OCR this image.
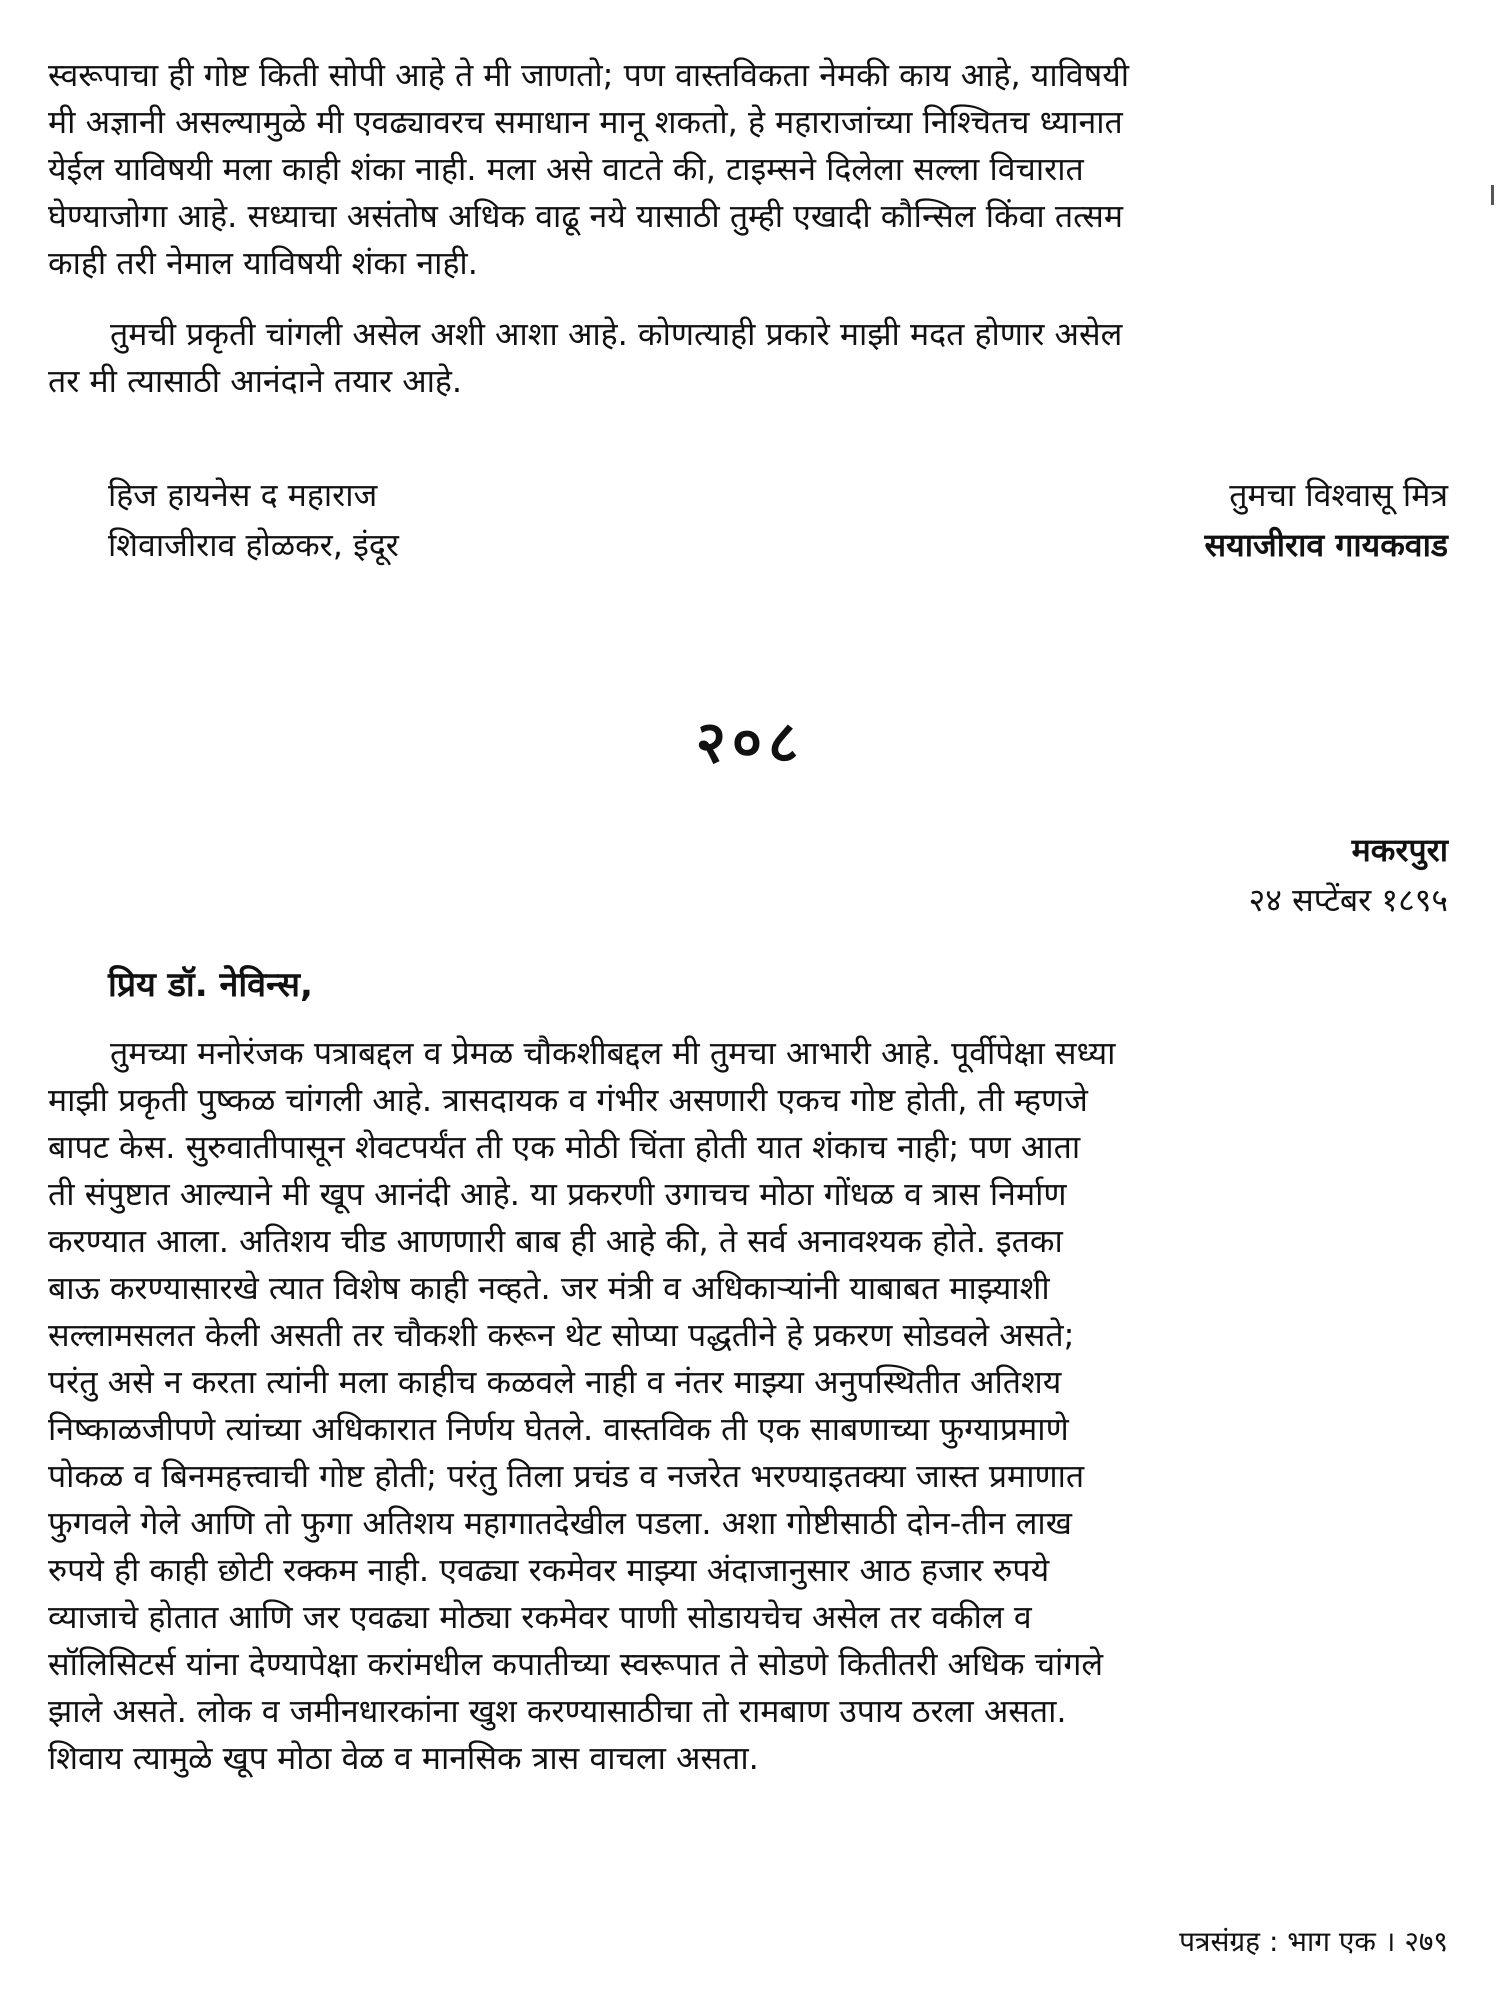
स्वरूपाचा ही गोष्ट किती सोपी आहे ते मी जाणतो; पण वास्तविकता नेमकी काय आहे, याविषयी
मी अज्ञानी असल्यामुळे मी एवढ्यावरच समाधान मानू शकतो, हे महाराजांच्या निश्चितच ध्यानात
येईल याविषयी मला काही शंका नाही. मला असे वाटते की, टाइम्सने दिलेला सल्ला विचारात
घेण्याजोगा आहे. सध्याचा असंतोष अधिक वाढू नये यासाठी तुम्ही एखादी कौन्सिल किंवा तत्सम
काही तरी नेमाल याविषयी शंका नाही.
तुमची प्रकृती चांगली असेल अशी आशा आहे. कोणत्याही प्रकारे माझी मदत होणार असेल
तर मी त्यासाठी आनंदाने तयार आहे.
हिज हायनेस द महाराज
शिवाजीराव होळकर, इंदूर
तुमचा विश्वासू मित्र
सयाजीराव गायकवाड
२०८
मकरपुरा
२४ सप्टेंबर १८९५
प्रिय डॉ. नेविन्स,
तुमच्या मनोरंजक पत्राबद्दल व प्रेमळ चौकशीबद्दल मी तुमचा आभारी आहे. पूर्वीपेक्षा सध्या
माझी प्रकृती पुष्कळ चांगली आहे. त्रासदायक व गंभीर असणारी एकच गोष्ट होती, ती म्हणजे
बापट केस. सुरुवातीपासून शेवटपर्यंत ती एक मोठी चिंता होती यात शंकाच नाही; पण आता
ती संपुष्टात आल्याने मी खूप आनंदी आहे. या प्रकरणी उगाचच मोठा गोंधळ व त्रास निर्माण
करण्यात आला. अतिशय चीड आणणारी बाब ही आहे की, ते सर्व अनावश्यक होते. इतका
बाऊ करण्यासारखे त्यात विशेष काही नव्हते. जर मंत्री व अधिकाऱ्यांनी याबाबत माझ्याशी
सल्लामसलत केली असती तर चौकशी करून थेट सोप्या पद्धतीने हे प्रकरण सोडवले असते;
परंतु असे न करता त्यांनी मला काहीच कळवले नाही व नंतर माझ्या अनुपस्थितीत अतिशय
निष्काळजीपणे त्यांच्या अधिकारात निर्णय घेतले. वास्तविक ती एक साबणाच्या फुग्याप्रमाणे
पोकळ व बिनमहत्त्वाची गोष्ट होती; परंतु तिला प्रचंड व नजरेत भरण्याइतक्या जास्त प्रमाणात
फुगवले गेले आणि तो फुगा अतिशय महागातदेखील पडला. अशा गोष्टीसाठी दोन-तीन लाख
रुपये ही काही छोटी रक्कम नाही. एवढ्या रकमेवर माझ्या अंदाजानुसार आठ हजार रुपये
व्याजाचे होतात आणि जर एवढ्या मोठ्या रकमेवर पाणी सोडायचेच असेल तर वकील व
सॉलिसिटर्स यांना देण्यापेक्षा करांमधील कपातीच्या स्वरूपात ते सोडणे कितीतरी अधिक चांगले
झाले असते. लोक व जमीनधारकांना खुश करण्यासाठीचा तो रामबाण उपाय ठरला असता.
शिवाय त्यामुळे खूप मोठा वेळ व मानसिक त्रास वाचला असता.
पत्रसंग्रह : भाग एक । २७९
